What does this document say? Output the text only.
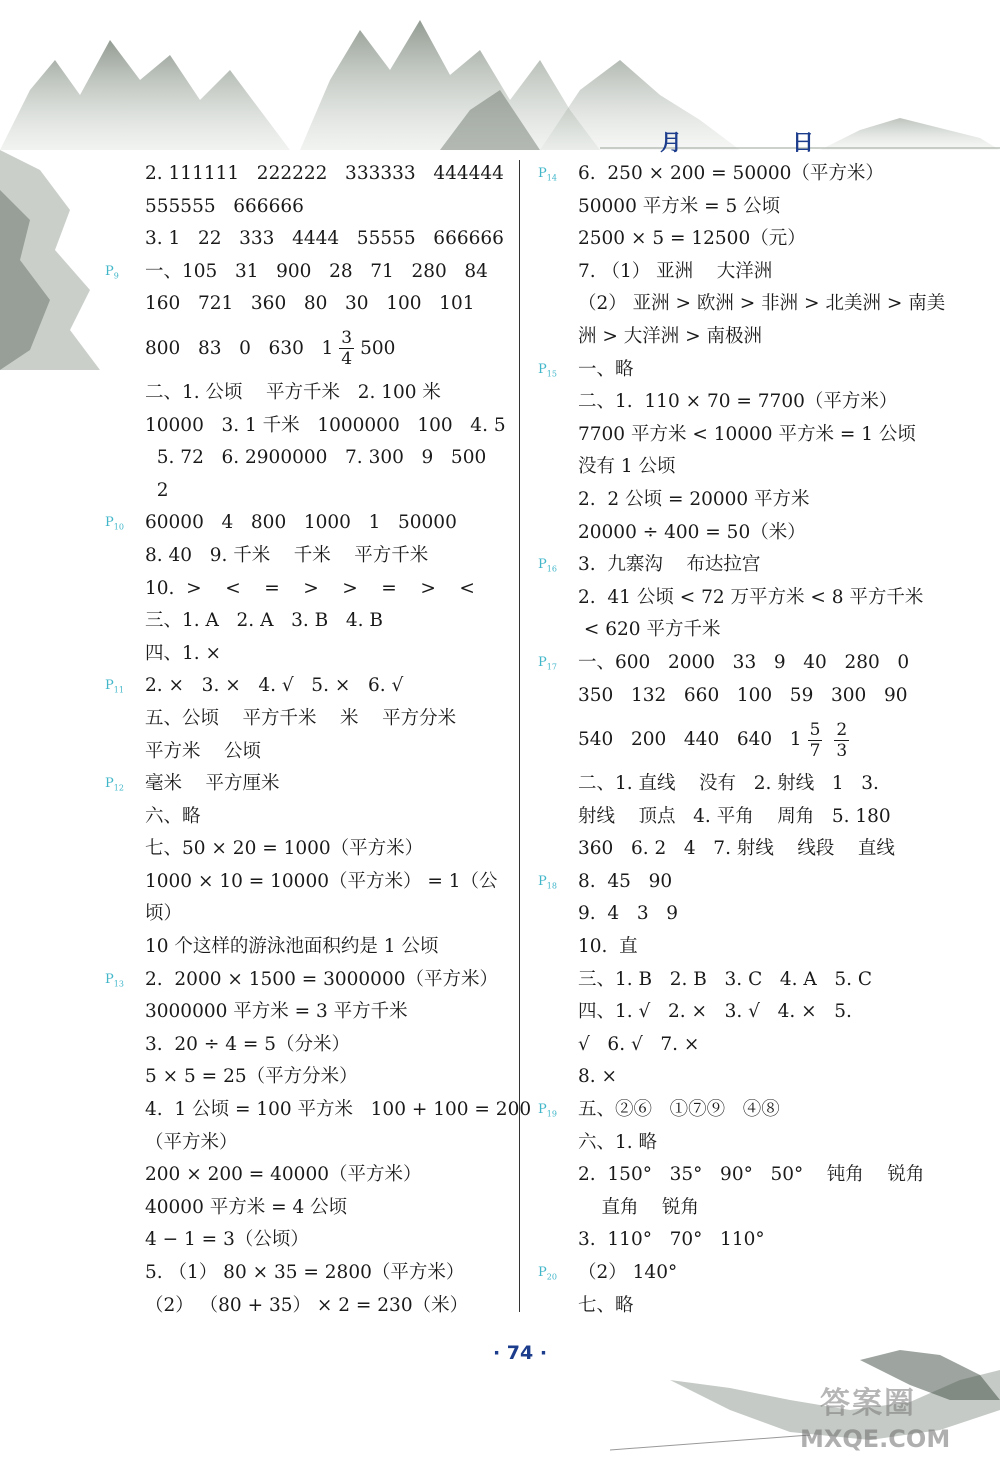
月	日
2. 111111   222222   333333   444444
555555   666666
3. 1   22   333   4444   55555   666666
$P_9$ 一、105   31   900   28   71   280   84
160   721   360   80   30   100   101
800   83   0   630   $1 \frac{3}{4} 500$
二、1. 公顷    平方千米   2. 100 米
10000   3. 1 千米   1000000   100   4. 5
5. 72   6. 2900000   7. 300   9   500
2
$P_{10}$ 60000   4   800   1000   1   50000
8. 40   9. 千米    千米    平方千米
10.  >    <    =    >    >    =    >    <
三、1. A   2. A   3. B   4. B
四、1. ×
$P_{11}$ 2. ×   3. ×   4. √   5. ×   6. √
五、公顷    平方千米    米    平方分米
平方米    公顷
$P_{12}$ 毫米    平方厘米
六、略
七、50 × 20 = 1000（平方米）
1000 × 10 = 10000（平方米） = 1（公
顷）
10 个这样的游泳池面积约是 1 公顷
$P_{13}$ 2.  2000 × 1500 = 3000000（平方米）
3000000 平方米 = 3 平方千米
3.  20 ÷ 4 = 5（分米）
5 × 5 = 25（平方分米）
4.  1 公顷 = 100 平方米   100 + 100 = 200
（平方米）
200 × 200 = 40000（平方米）
40000 平方米 = 4 公顷
4 − 1 = 3（公顷）
5. （1） 80 × 35 = 2800（平方米）
（2） （80 + 35） × 2 = 230（米）
$P_{14}$ 6.  250 × 200 = 50000（平方米）
50000 平方米 = 5 公顷
2500 × 5 = 12500（元）
7. （1） 亚洲    大洋洲
（2） 亚洲 > 欧洲 > 非洲 > 北美洲 > 南美
洲 > 大洋洲 > 南极洲
$P_{15}$ 一、略
二、1.  110 × 70 = 7700（平方米）
7700 平方米 < 10000 平方米 = 1 公顷
没有 1 公顷
2.  2 公顷 = 20000 平方米
20000 ÷ 400 = 50（米）
$P_{16}$ 3.  九寨沟    布达拉宫
2.  41 公顷 < 72 万平方米 < 8 平方千米
< 620 平方千米
$P_{17}$ 一、600   2000   33   9   40   280   0
350   132   660   100   59   300   90
540   200   440   640   $1 \frac{5}{7} \frac{2}{3}$
二、1. 直线    没有   2. 射线   1   3.
射线    顶点   4. 平角    周角   5. 180
360   6. 2   4   7. 射线    线段    直线
$P_{18}$ 8.  45   90
9.  4   3   9
10.  直
三、1. B   2. B   3. C   4. A   5. C
四、1. √   2. ×   3. √   4. ×   5.
√   6. √   7. ×
8. ×
$P_{19}$ 五、②⑥   ①⑦⑨   ④⑧
六、1. 略
2.  150°   35°   90°   50°    钝角    锐角
直角    锐角
3.  110°   70°   110°
$P_{20}$ （2） 140°
七、略
· 74 ·
答案圈
MXQE.COM
